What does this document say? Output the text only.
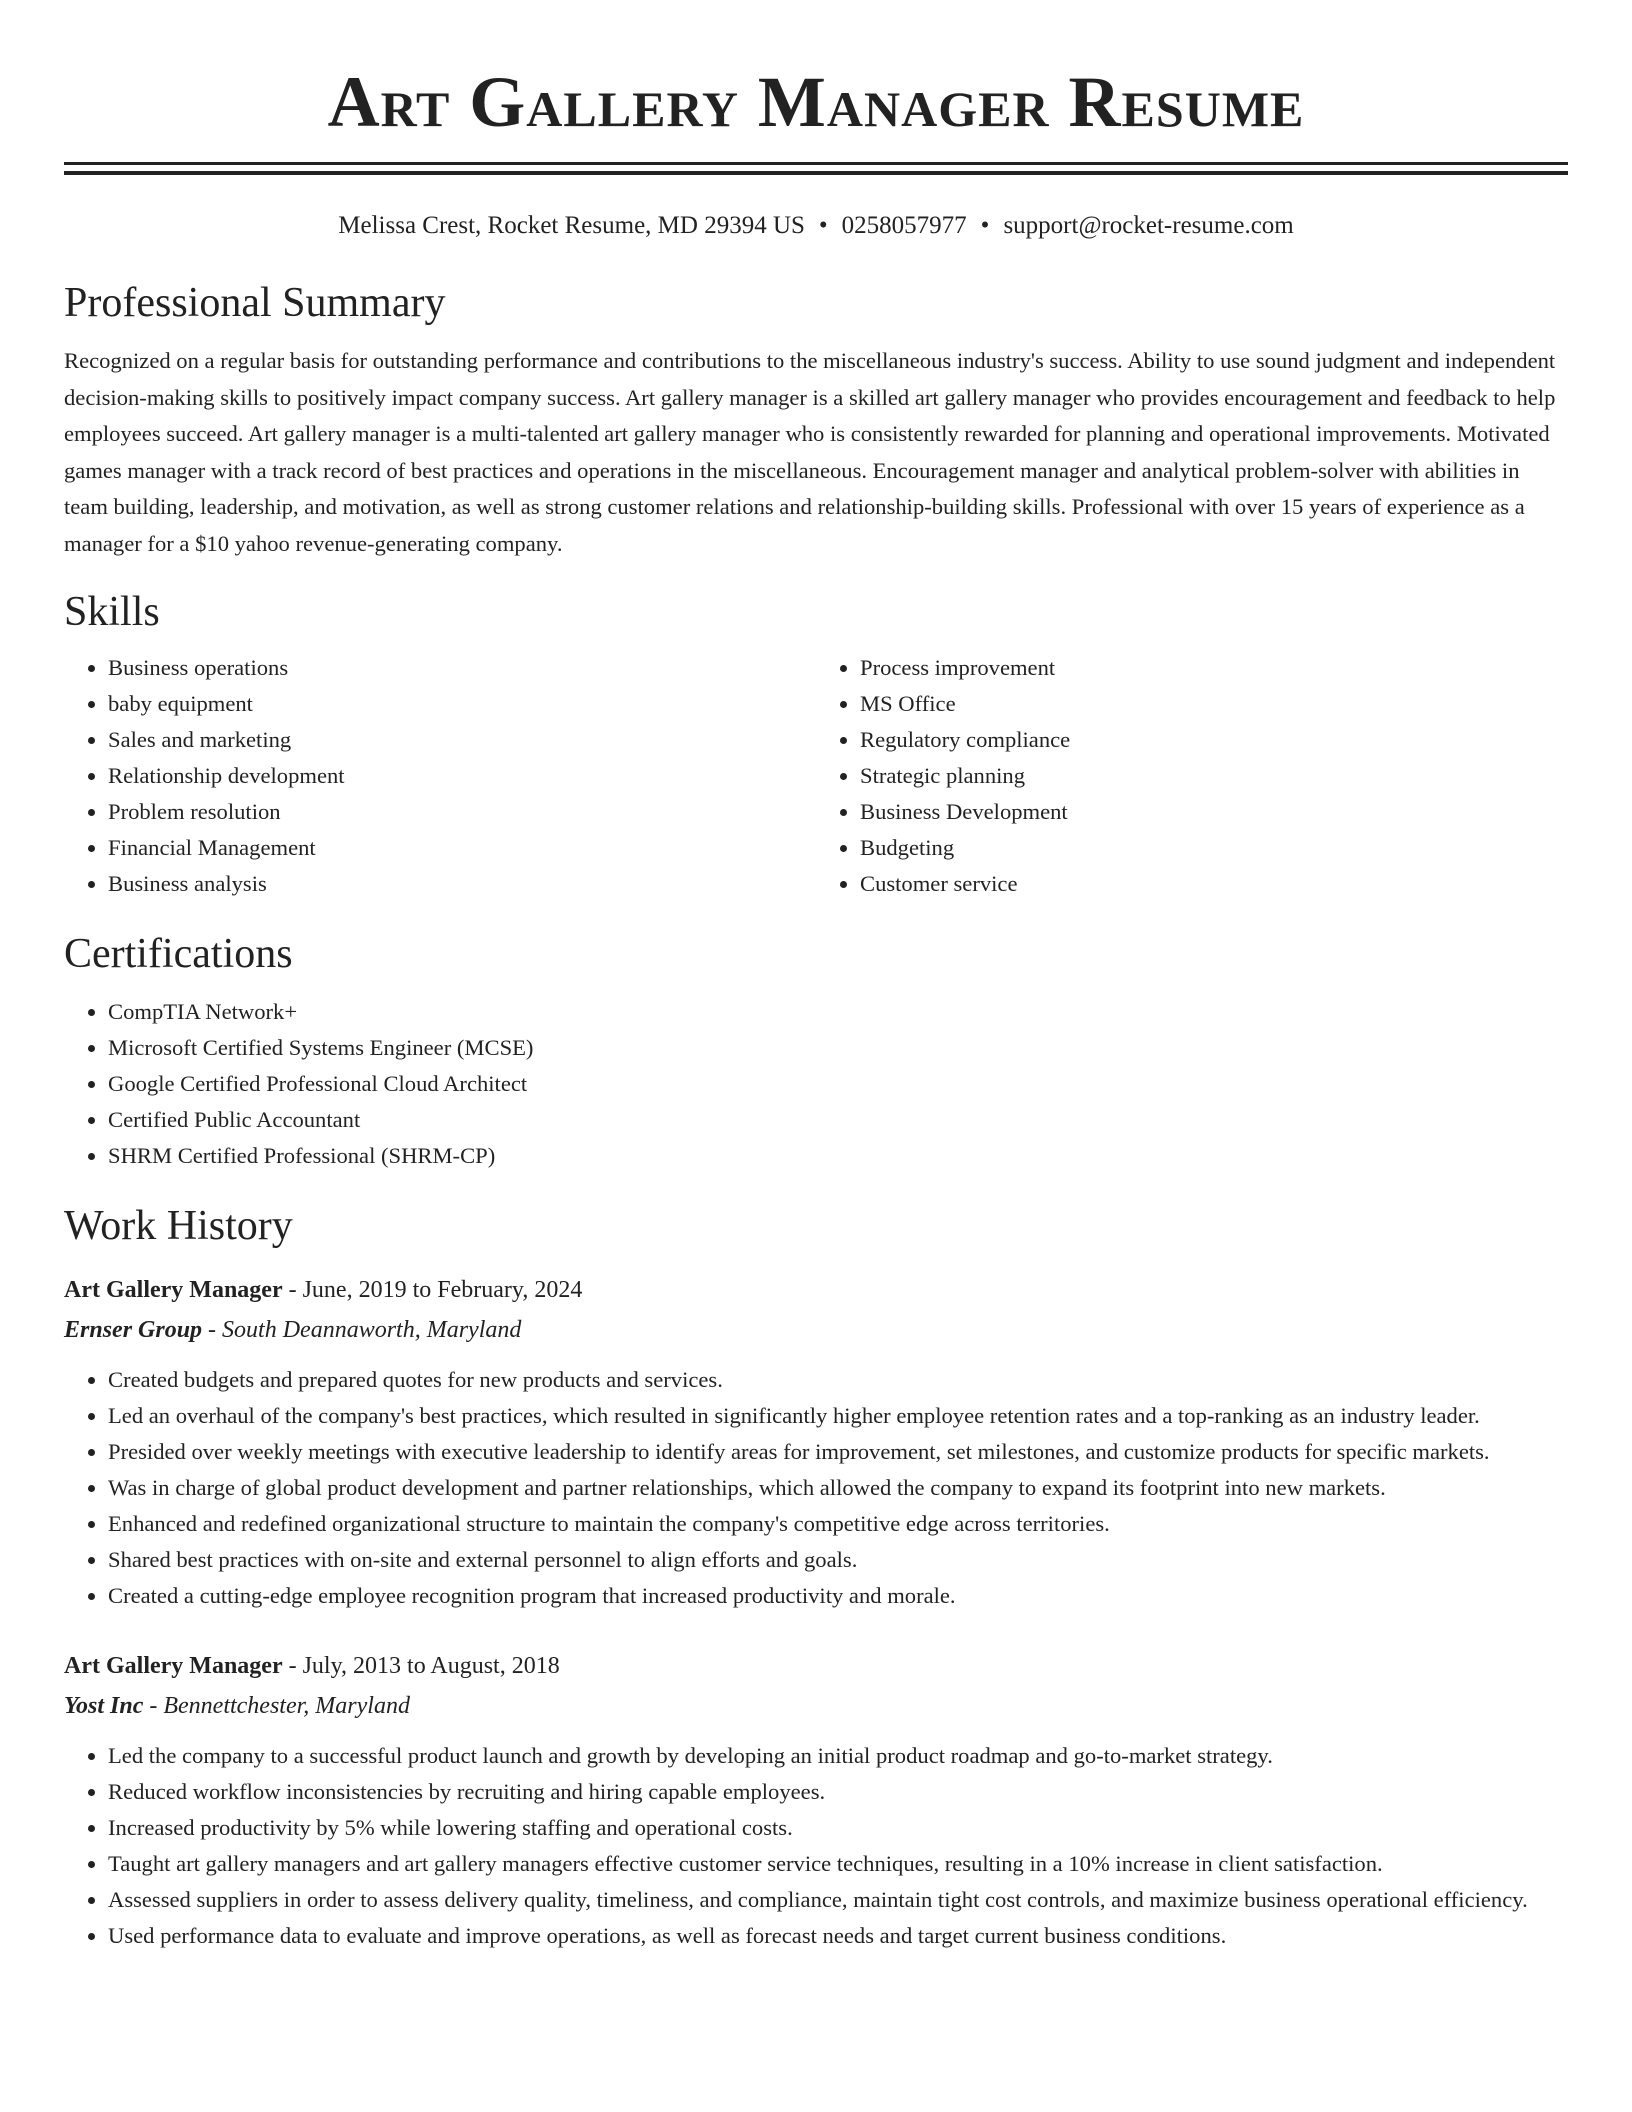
Art Gallery Manager Resume
Melissa Crest, Rocket Resume, MD 29394 US • 0258057977 • support@rocket-resume.com
Professional Summary

Recognized on a regular basis for outstanding performance and contributions to the miscellaneous industry's success. Ability to use sound judgment and independent decision-making skills to positively impact company success. Art gallery manager is a skilled art gallery manager who provides encouragement and feedback to help employees succeed. Art gallery manager is a multi-talented art gallery manager who is consistently rewarded for planning and operational improvements. Motivated games manager with a track record of best practices and operations in the miscellaneous. Encouragement manager and analytical problem-solver with abilities in team building, leadership, and motivation, as well as strong customer relations and relationship-building skills. Professional with over 15 years of experience as a manager for a $10 yahoo revenue-generating company.

Skills
• Business operations
• baby equipment
• Sales and marketing
• Relationship development
• Problem resolution
• Financial Management
• Business analysis
• Process improvement
• MS Office
• Regulatory compliance
• Strategic planning
• Business Development
• Budgeting
• Customer service
Certifications
• CompTIA Network+
• Microsoft Certified Systems Engineer (MCSE)
• Google Certified Professional Cloud Architect
• Certified Public Accountant
• SHRM Certified Professional (SHRM-CP)
Work History
Art Gallery Manager - June, 2019 to February, 2024
Ernser Group - South Deannaworth, Maryland
• Created budgets and prepared quotes for new products and services.
• Led an overhaul of the company's best practices, which resulted in significantly higher employee retention rates and a top-ranking as an industry leader.
• Presided over weekly meetings with executive leadership to identify areas for improvement, set milestones, and customize products for specific markets.
• Was in charge of global product development and partner relationships, which allowed the company to expand its footprint into new markets.
• Enhanced and redefined organizational structure to maintain the company's competitive edge across territories.
• Shared best practices with on-site and external personnel to align efforts and goals.
• Created a cutting-edge employee recognition program that increased productivity and morale.
Art Gallery Manager - July, 2013 to August, 2018
Yost Inc - Bennettchester, Maryland
• Led the company to a successful product launch and growth by developing an initial product roadmap and go-to-market strategy.
• Reduced workflow inconsistencies by recruiting and hiring capable employees.
• Increased productivity by 5% while lowering staffing and operational costs.
• Taught art gallery managers and art gallery managers effective customer service techniques, resulting in a 10% increase in client satisfaction.
• Assessed suppliers in order to assess delivery quality, timeliness, and compliance, maintain tight cost controls, and maximize business operational efficiency.
• Used performance data to evaluate and improve operations, as well as forecast needs and target current business conditions.
